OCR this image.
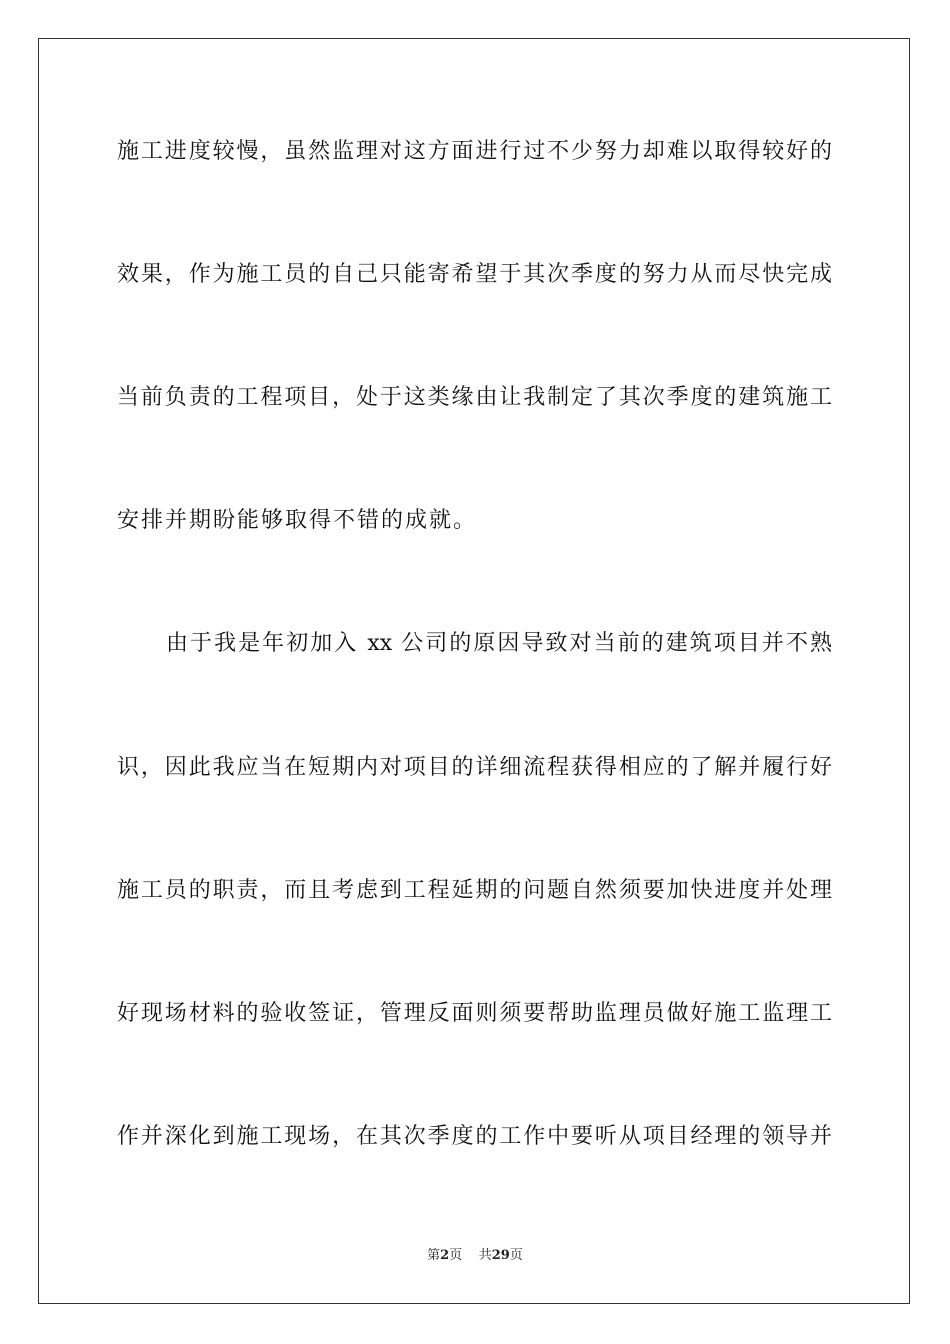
施工进度较慢，虽然监理对这方面进行过不少努力却难以取得较好的
效果，作为施工员的自己只能寄希望于其次季度的努力从而尽快完成
当前负责的工程项目，处于这类缘由让我制定了其次季度的建筑施工
安排并期盼能够取得不错的成就。
由于我是年初加入 xx 公司的原因导致对当前的建筑项目并不熟
识，因此我应当在短期内对项目的详细流程获得相应的了解并履行好
施工员的职责，而且考虑到工程延期的问题自然须要加快进度并处理
好现场材料的验收签证，管理反面则须要帮助监理员做好施工监理工
作并深化到施工现场，在其次季度的工作中要听从项目经理的领导并
第2页 共29页
